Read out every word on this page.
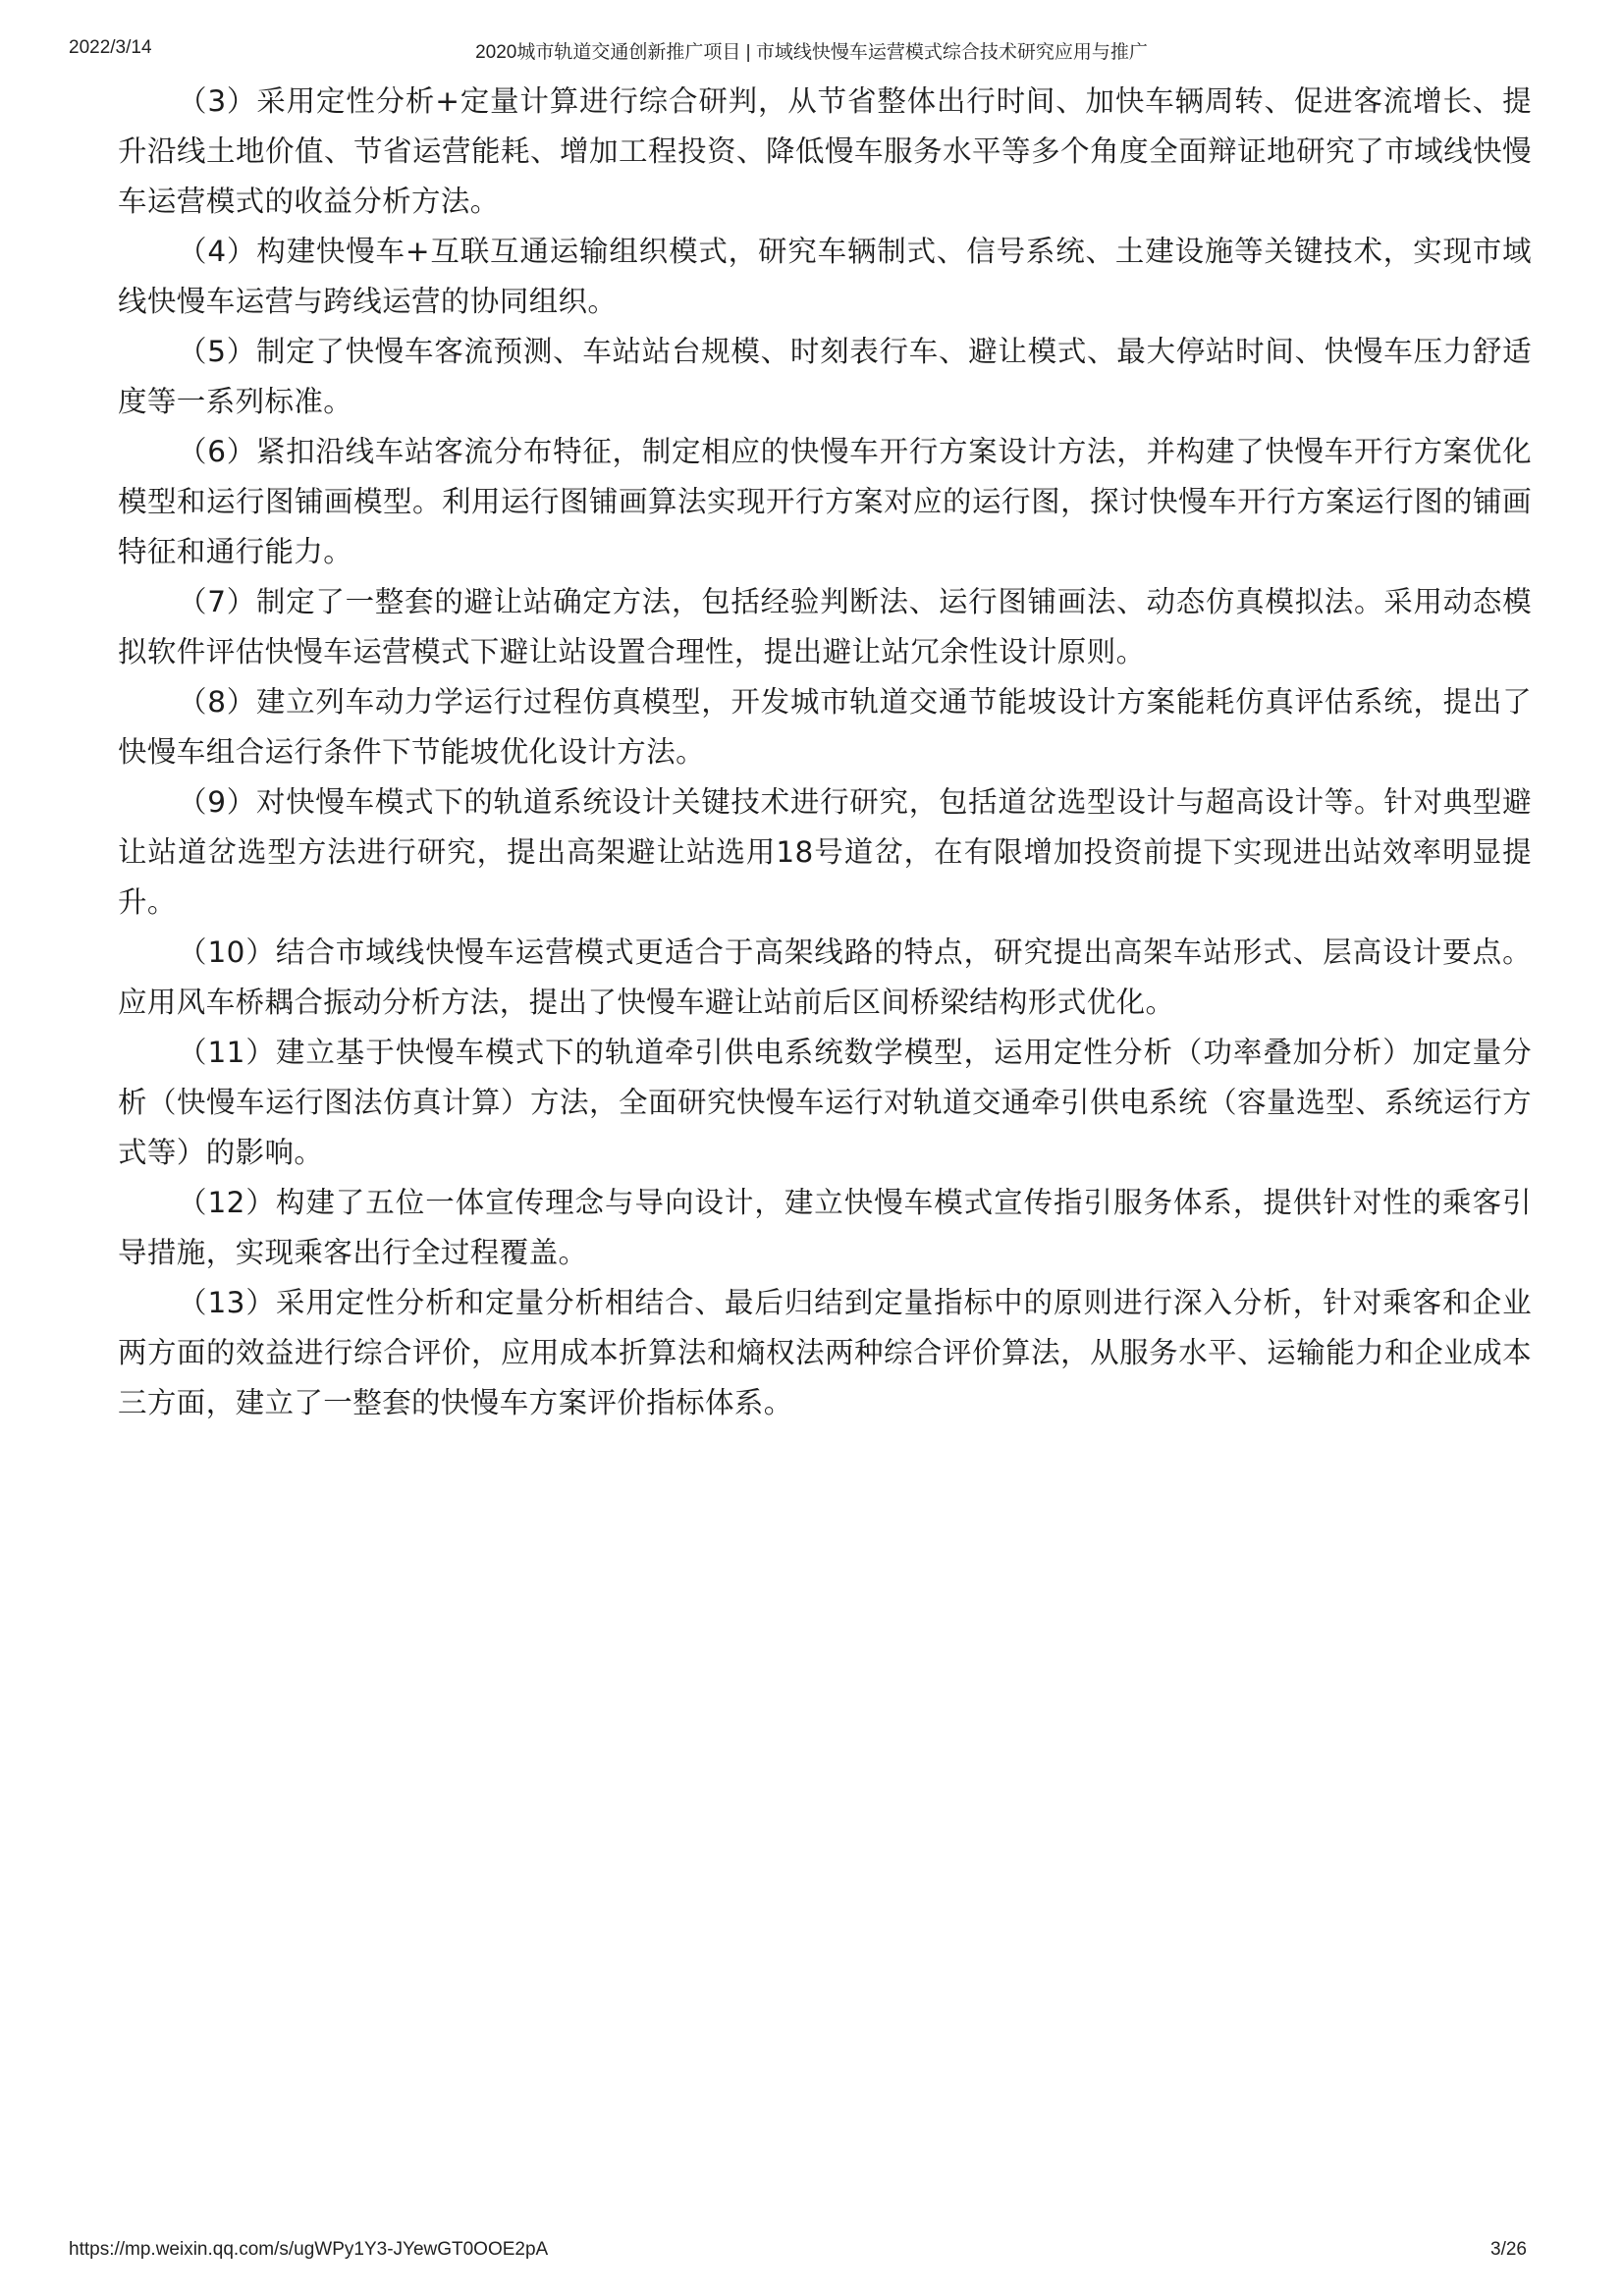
2022/3/14	2020城市轨道交通创新推广项目 | 市域线快慢车运营模式综合技术研究应用与推广

（3）采用定性分析+定量计算进行综合研判，从节省整体出行时间、加快车辆周转、促进客流增长、提升沿线土地价值、节省运营能耗、增加工程投资、降低慢车服务水平等多个角度全面辩证地研究了市域线快慢车运营模式的收益分析方法。

（4）构建快慢车+互联互通运输组织模式，研究车辆制式、信号系统、土建设施等关键技术，实现市域线快慢车运营与跨线运营的协同组织。

（5）制定了快慢车客流预测、车站站台规模、时刻表行车、避让模式、最大停站时间、快慢车压力舒适度等一系列标准。

（6）紧扣沿线车站客流分布特征，制定相应的快慢车开行方案设计方法，并构建了快慢车开行方案优化模型和运行图铺画模型。利用运行图铺画算法实现开行方案对应的运行图，探讨快慢车开行方案运行图的铺画特征和通行能力。

（7）制定了一整套的避让站确定方法，包括经验判断法、运行图铺画法、动态仿真模拟法。采用动态模拟软件评估快慢车运营模式下避让站设置合理性，提出避让站冗余性设计原则。

（8）建立列车动力学运行过程仿真模型，开发城市轨道交通节能坡设计方案能耗仿真评估系统，提出了快慢车组合运行条件下节能坡优化设计方法。

（9）对快慢车模式下的轨道系统设计关键技术进行研究，包括道岔选型设计与超高设计等。针对典型避让站道岔选型方法进行研究，提出高架避让站选用18号道岔，在有限增加投资前提下实现进出站效率明显提升。

（10）结合市域线快慢车运营模式更适合于高架线路的特点，研究提出高架车站形式、层高设计要点。应用风车桥耦合振动分析方法，提出了快慢车避让站前后区间桥梁结构形式优化。

（11）建立基于快慢车模式下的轨道牵引供电系统数学模型，运用定性分析（功率叠加分析）加定量分析（快慢车运行图法仿真计算）方法，全面研究快慢车运行对轨道交通牵引供电系统（容量选型、系统运行方式等）的影响。

（12）构建了五位一体宣传理念与导向设计，建立快慢车模式宣传指引服务体系，提供针对性的乘客引导措施，实现乘客出行全过程覆盖。

（13）采用定性分析和定量分析相结合、最后归结到定量指标中的原则进行深入分析，针对乘客和企业两方面的效益进行综合评价，应用成本折算法和熵权法两种综合评价算法，从服务水平、运输能力和企业成本三方面，建立了一整套的快慢车方案评价指标体系。

https://mp.weixin.qq.com/s/ugWPy1Y3-JYewGT0OOE2pA	3/26
